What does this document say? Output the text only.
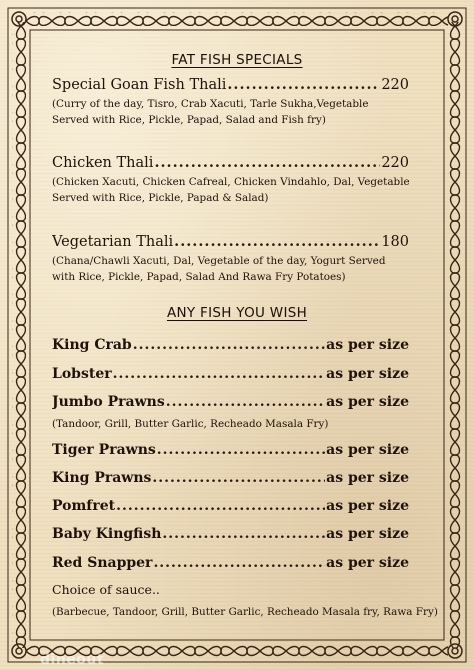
FAT FISH SPECIALS
Special Goan Fish Thali .....	220
(Curry of the day, Tisro, Crab Xacuti, Tarle Sukha,Vegetable
Served with Rice, Pickle, Papad, Salad and Fish fry)
Chicken Thali .....	220
(Chicken Xacuti, Chicken Cafreal, Chicken Vindahlo, Dal, Vegetable
Served with Rice, Pickle, Papad & Salad)
Vegetarian Thali .....	180
(Chana/Chawli Xacuti, Dal, Vegetable of the day, Yogurt Served
with Rice, Pickle, Papad, Salad And Rawa Fry Potatoes)
ANY FISH YOU WISH
King Crab .....	as per size
Lobster .....	as per size
Jumbo Prawns .....	as per size
(Tandoor, Grill, Butter Garlic, Recheado Masala Fry)
Tiger Prawns .....	as per size
King Prawns .....	as per size
Pomfret .....	as per size
Baby Kingfish .....	as per size
Red Snapper .....	as per size
Choice of sauce..
(Barbecue, Tandoor, Grill, Butter Garlic, Recheado Masala fry, Rawa Fry)
dineout
